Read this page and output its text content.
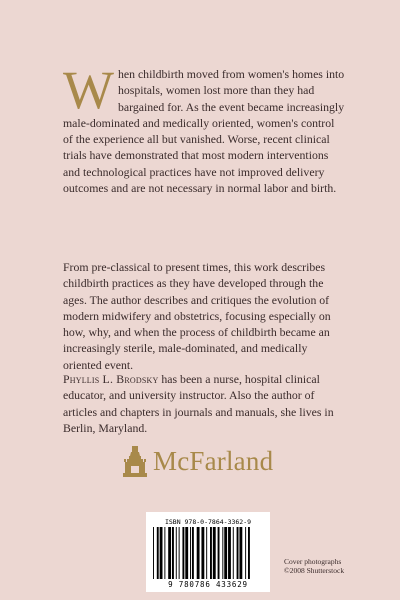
When childbirth moved from women's homes into hospitals, women lost more than they had bargained for. As the event became increasingly male-dominated and medically oriented, women's control of the experience all but vanished. Worse, recent clinical trials have demonstrated that most modern interventions and technological practices have not improved delivery outcomes and are not necessary in normal labor and birth.

From pre-classical to present times, this work describes childbirth practices as they have developed through the ages. The author describes and critiques the evolution of modern midwifery and obstetrics, focusing especially on how, why, and when the process of childbirth became an increasingly sterile, male-dominated, and medically oriented event.

Phyllis L. Brodsky has been a nurse, hospital clinical educator, and university instructor. Also the author of articles and chapters in journals and manuals, she lives in Berlin, Maryland.

McFarland
ISBN 978-0-7864-3362-9
9 780786 433629
Cover photographs
©2008 Shutterstock
